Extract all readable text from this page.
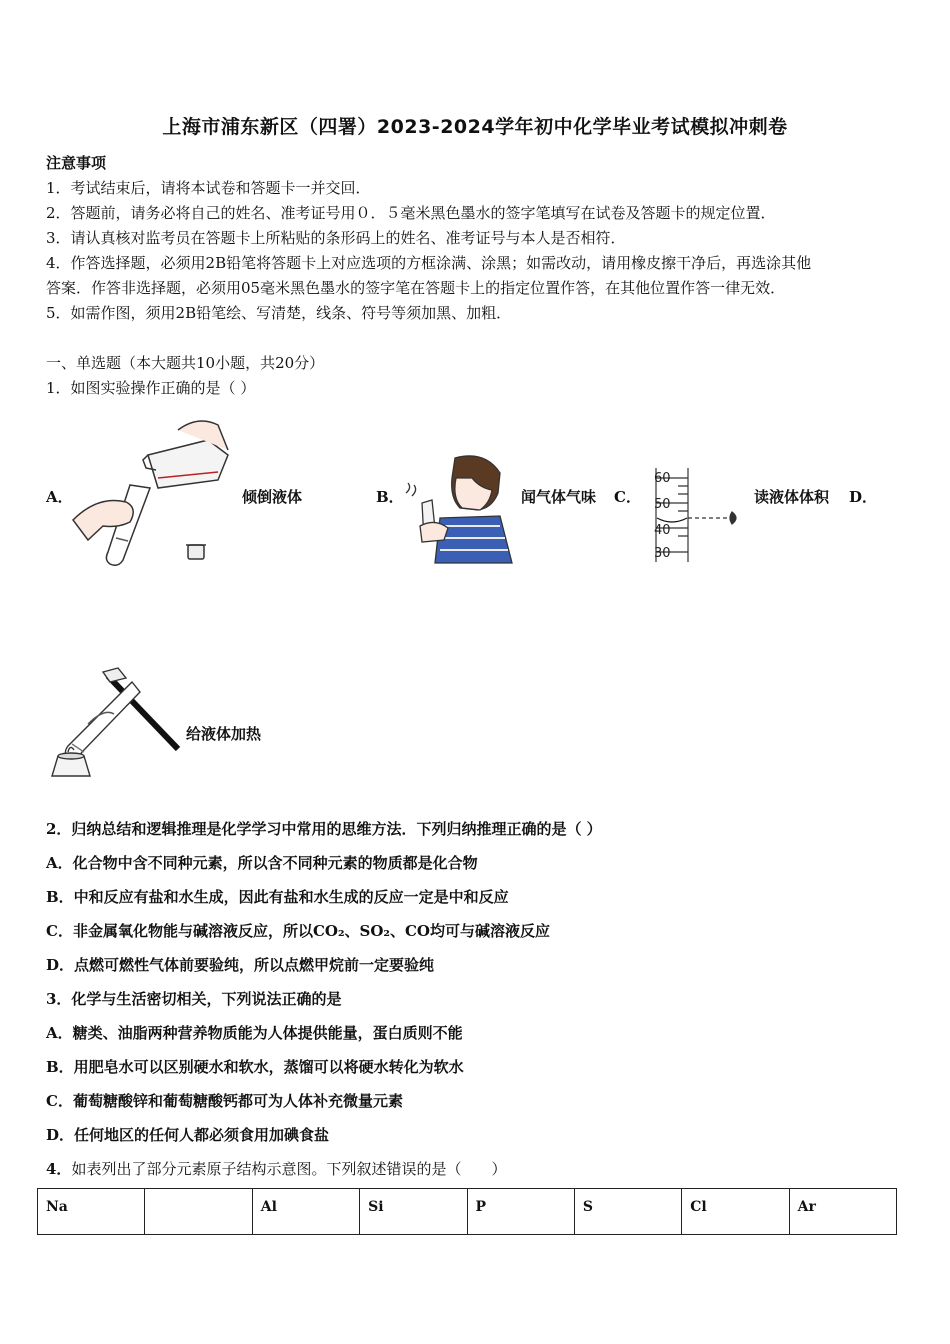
上海市浦东新区（四署）2023-2024学年初中化学毕业考试模拟冲刺卷
注意事项
1．考试结束后，请将本试卷和答题卡一并交回．
2．答题前，请务必将自己的姓名、准考证号用０．５毫米黑色墨水的签字笔填写在试卷及答题卡的规定位置．
3．请认真核对监考员在答题卡上所粘贴的条形码上的姓名、准考证号与本人是否相符．
4．作答选择题，必须用2B铅笔将答题卡上对应选项的方框涂满、涂黑；如需改动，请用橡皮擦干净后，再选涂其他
答案．作答非选择题，必须用05毫米黑色墨水的签字笔在答题卡上的指定位置作答，在其他位置作答一律无效．
5．如需作图，须用2B铅笔绘、写清楚，线条、符号等须加黑、加粗．
一、单选题（本大题共10小题，共20分）
1．如图实验操作正确的是（ ）
A．	倾倒液体	B．	闻气体气味 C．
60
50
40
30
读液体体积 D．
给液体加热
2．归纳总结和逻辑推理是化学学习中常用的思维方法．下列归纳推理正确的是（ ）
A．化合物中含不同种元素，所以含不同种元素的物质都是化合物
B．中和反应有盐和水生成，因此有盐和水生成的反应一定是中和反应
C．非金属氧化物能与碱溶液反应，所以CO₂、SO₂、CO均可与碱溶液反应
D．点燃可燃性气体前要验纯，所以点燃甲烷前一定要验纯
3．化学与生活密切相关，下列说法正确的是
A．糖类、油脂两种营养物质能为人体提供能量，蛋白质则不能
B．用肥皂水可以区别硬水和软水，蒸馏可以将硬水转化为软水
C．葡萄糖酸锌和葡萄糖酸钙都可为人体补充微量元素
D．任何地区的任何人都必须食用加碘食盐
4．如表列出了部分元素原子结构示意图。下列叙述错误的是（　　）
Na		Al	Si	P	S	Cl	Ar
